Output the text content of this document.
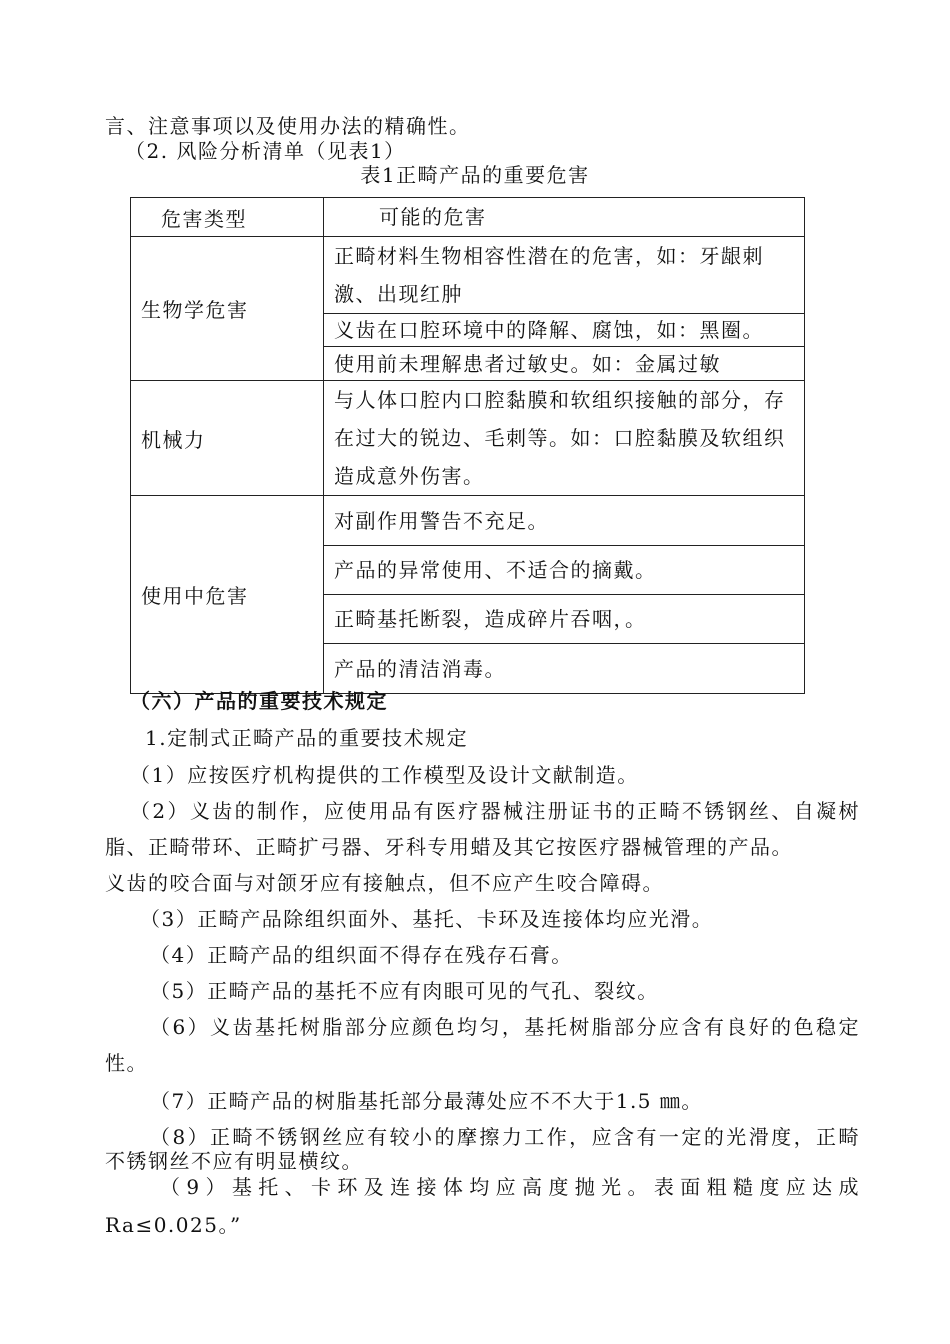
言、注意事项以及使用办法的精确性。
（2. 风险分析清单（见表1）
表1正畸产品的重要危害
危害类型	可能的危害
生物学危害	正畸材料生物相容性潜在的危害，如：牙龈刺激、出现红肿
	义齿在口腔环境中的降解、腐蚀，如：黑圈。
	使用前未理解患者过敏史。如：金属过敏
机械力	与人体口腔内口腔黏膜和软组织接触的部分，存在过大的锐边、毛刺等。如：口腔黏膜及软组织造成意外伤害。
使用中危害	对副作用警告不充足。
	产品的异常使用、不适合的摘戴。
	正畸基托断裂，造成碎片吞咽，。
	产品的清洁消毒。
（六）产品的重要技术规定
1.定制式正畸产品的重要技术规定
（1）应按医疗机构提供的工作模型及设计文献制造。
（2）义齿的制作，应使用品有医疗器械注册证书的正畸不锈钢丝、自凝树
脂、正畸带环、正畸扩弓器、牙科专用蜡及其它按医疗器械管理的产品。
义齿的咬合面与对颌牙应有接触点，但不应产生咬合障碍。
（3）正畸产品除组织面外、基托、卡环及连接体均应光滑。
（4）正畸产品的组织面不得存在残存石膏。
（5）正畸产品的基托不应有肉眼可见的气孔、裂纹。
（6）义齿基托树脂部分应颜色均匀，基托树脂部分应含有良好的色稳定
性。
（7）正畸产品的树脂基托部分最薄处应不不大于1.5 ㎜。
（8）正畸不锈钢丝应有较小的摩擦力工作，应含有一定的光滑度，正畸
不锈钢丝不应有明显横纹。
（9）基托、卡环及连接体均应高度抛光。表面粗糙度应达成
Ra≤0.025。”
